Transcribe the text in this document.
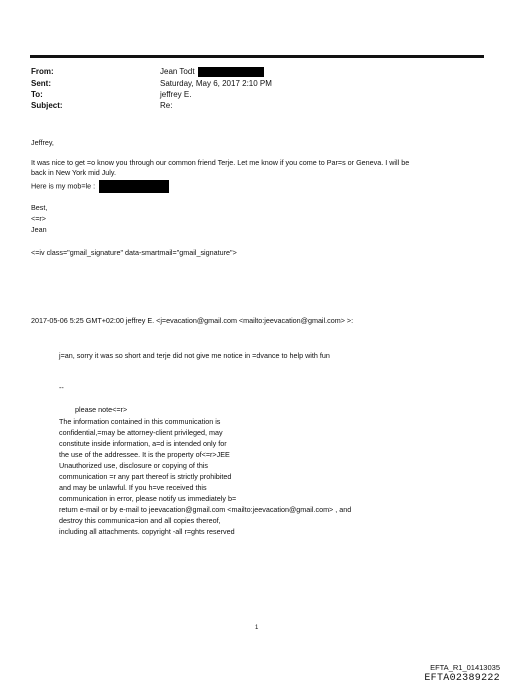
From:	Jean Todt
Sent:	Saturday, May 6, 2017 2:10 PM
To:	jeffrey E.
Subject:	Re:
Jeffrey,
It was nice to get =o know you through our common friend Terje. Let me know if you come to Par=s or Geneva. I will be
back in New York mid July.
Here is my mob=le :
Best,
<=r>
Jean
<=iv class="gmail_signature" data-smartmail="gmail_signature">
2017-05-06 5:25 GMT+02:00 jeffrey E. <j=evacation@gmail.com <mailto:jeevacation@gmail.com> >:
j=an, sorry it was so short and terje did not give me notice in =dvance to help with fun
--
please note<=r>
The information contained in this communication is
confidential,=may be attorney-client privileged, may
constitute inside information, a=d is intended only for
the use of the addressee. It is the property of<=r>JEE
Unauthorized use, disclosure or copying of this
communication =r any part thereof is strictly prohibited
and may be unlawful. If you h=ve received this
communication in error, please notify us immediately b=
return e-mail or by e-mail to jeevacation@gmail.com <mailto:jeevacation@gmail.com> , and
destroy this communica=ion and all copies thereof,
including all attachments. copyright -all r=ghts reserved
1
EFTA_R1_01413035
EFTA02389222
